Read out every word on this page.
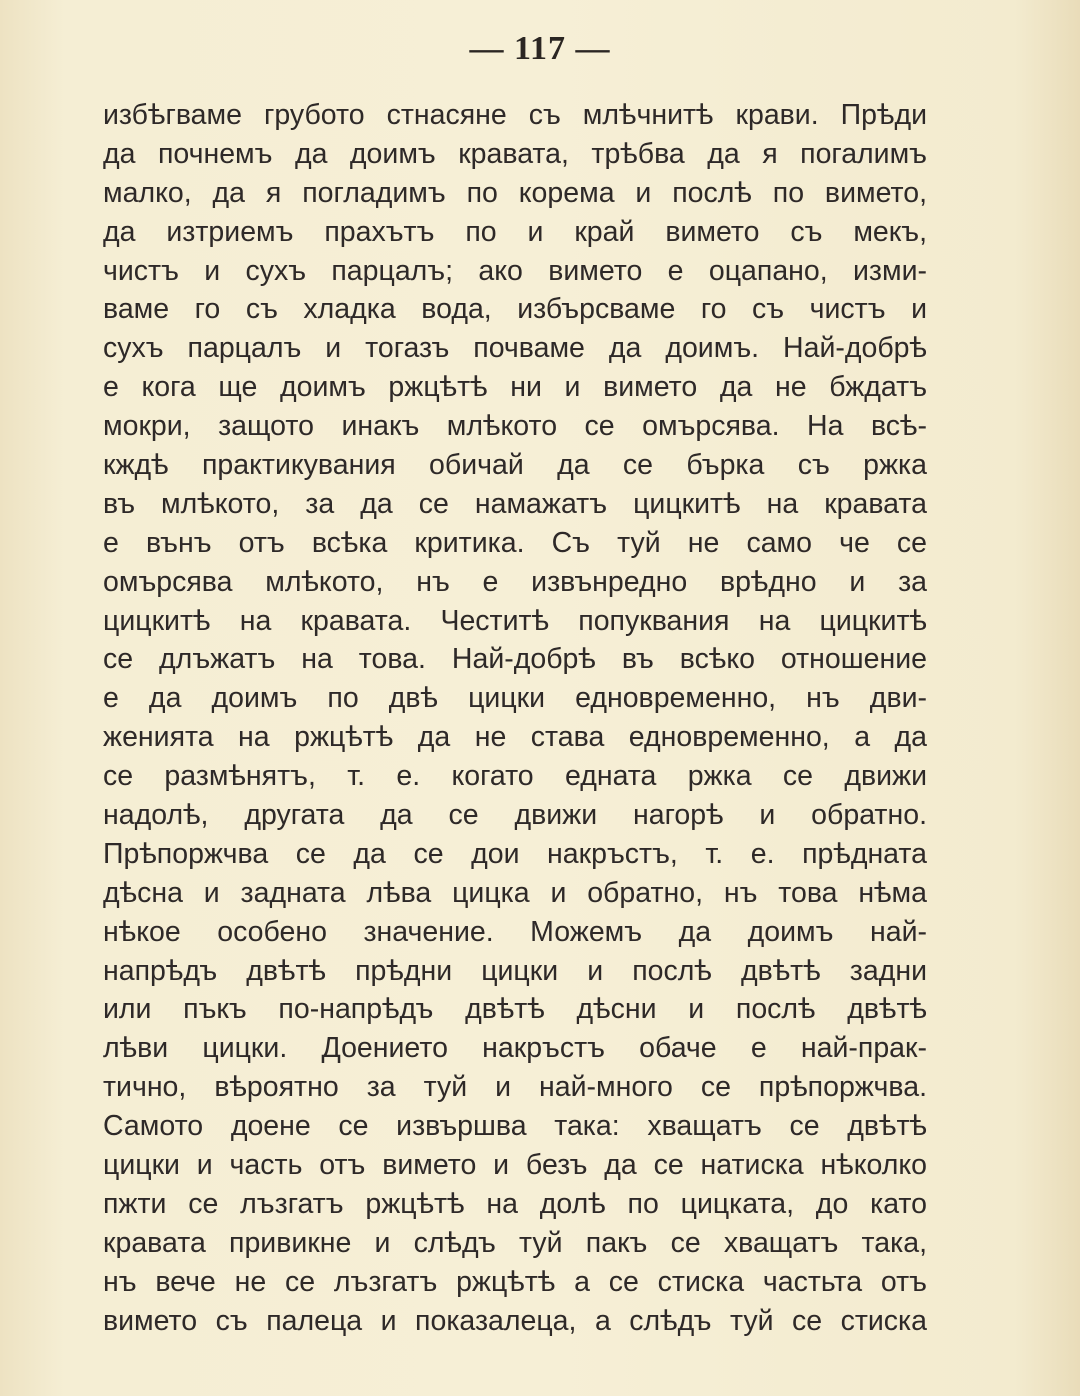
— 117 —
избѣгваме грубото стнасяне съ млѣчнитѣ крави. Прѣди
да почнемъ да доимъ кравата, трѣбва да я погалимъ
малко, да я погладимъ по корема и послѣ по вимето,
да изтриемъ прахътъ по и край вимето съ мекъ,
чистъ и сухъ парцалъ; ако вимето е оцапано, изми-
ваме го съ хладка вода, избърсваме го съ чистъ и
сухъ парцалъ и тогазъ почваме да доимъ. Най-добрѣ
е кога ще доимъ ржцѣтѣ ни и вимето да не бждатъ
мокри, защото инакъ млѣкото се омърсява. На всѣ-
кждѣ практикувания обичай да се бърка съ ржка
въ млѣкото, за да се намажатъ цицкитѣ на кравата
е вънъ отъ всѣка критика. Съ туй не само че се
омърсява млѣкото, нъ е извънредно врѣдно и за
цицкитѣ на кравата. Честитѣ попуквания на цицкитѣ
се длъжатъ на това. Най-добрѣ въ всѣко отношение
е да доимъ по двѣ цицки едновременно, нъ дви-
женията на ржцѣтѣ да не става едновременно, а да
се размѣнятъ, т. е. когато едната ржка се движи
надолѣ, другата да се движи нагорѣ и обратно.
Прѣпоржчва се да се дои накръстъ, т. е. прѣдната
дѣсна и задната лѣва цицка и обратно, нъ това нѣма
нѣкое особено значение. Можемъ да доимъ най-
напрѣдъ двѣтѣ прѣдни цицки и послѣ двѣтѣ задни
или пъкъ по-напрѣдъ двѣтѣ дѣсни и послѣ двѣтѣ
лѣви цицки. Доението накръстъ обаче е най-прак-
тично, вѣроятно за туй и най-много се прѣпоржчва.
Самото доене се извършва така: хващатъ се двѣтѣ
цицки и часть отъ вимето и безъ да се натиска нѣколко
пжти се лъзгатъ ржцѣтѣ на долѣ по цицката, до като
кравата привикне и слѣдъ туй пакъ се хващатъ така,
нъ вече не се лъзгатъ ржцѣтѣ а се стиска частьта отъ
вимето съ палеца и показалеца, а слѣдъ туй се стиска
